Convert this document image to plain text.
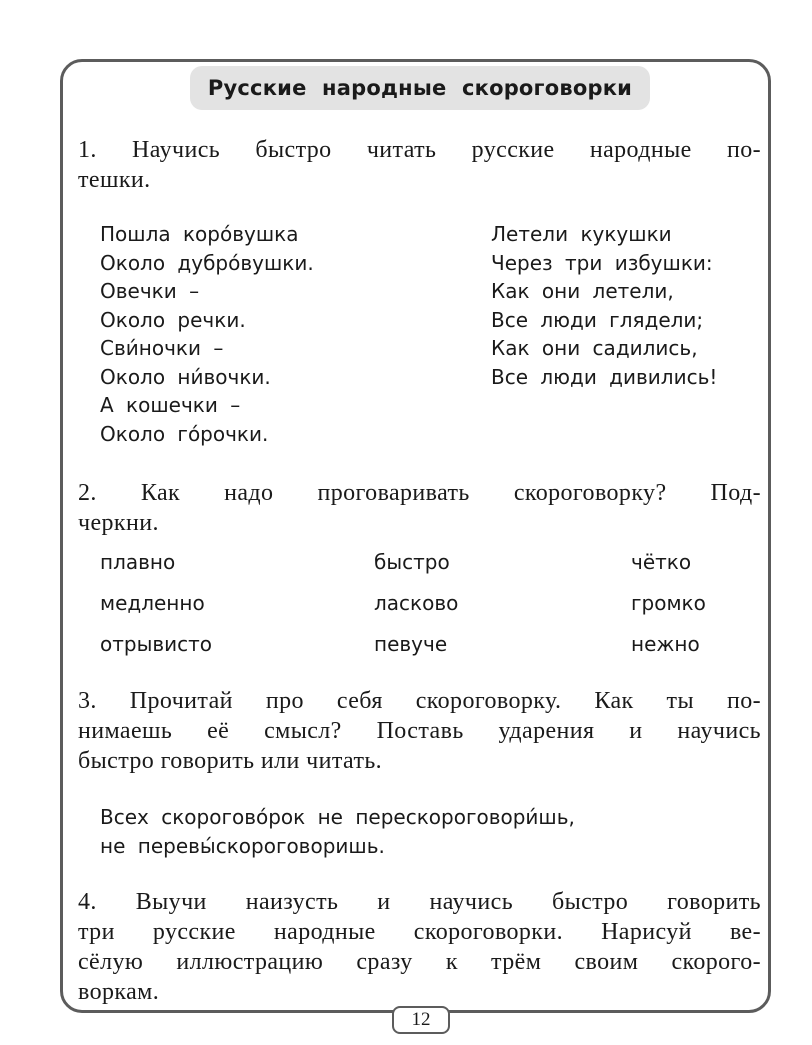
Русские народные скороговорки
1. Научись быстро читать русские народные по-
тешки.
Пошла коро́вушка
Около дубро́вушки.
Овечки –
Около речки.
Сви́ночки –
Около ни́вочки.
А кошечки –
Около го́рочки.
Летели кукушки
Через три избушки:
Как они летели,
Все люди глядели;
Как они садились,
Все люди дивились!
2. Как надо проговаривать скороговорку? Под-
черкни.
плавно	быстро	чётко
медленно	ласково	громко
отрывисто	певуче	нежно
3. Прочитай про себя скороговорку. Как ты по-
нимаешь её смысл? Поставь ударения и научись
быстро говорить или читать.
Всех скорогово́рок не перескороговори́шь,
не перевы́скороговоришь.
4. Выучи наизусть и научись быстро говорить
три русские народные скороговорки. Нарисуй ве-
сёлую иллюстрацию сразу к трём своим скорого-
воркам.
12
